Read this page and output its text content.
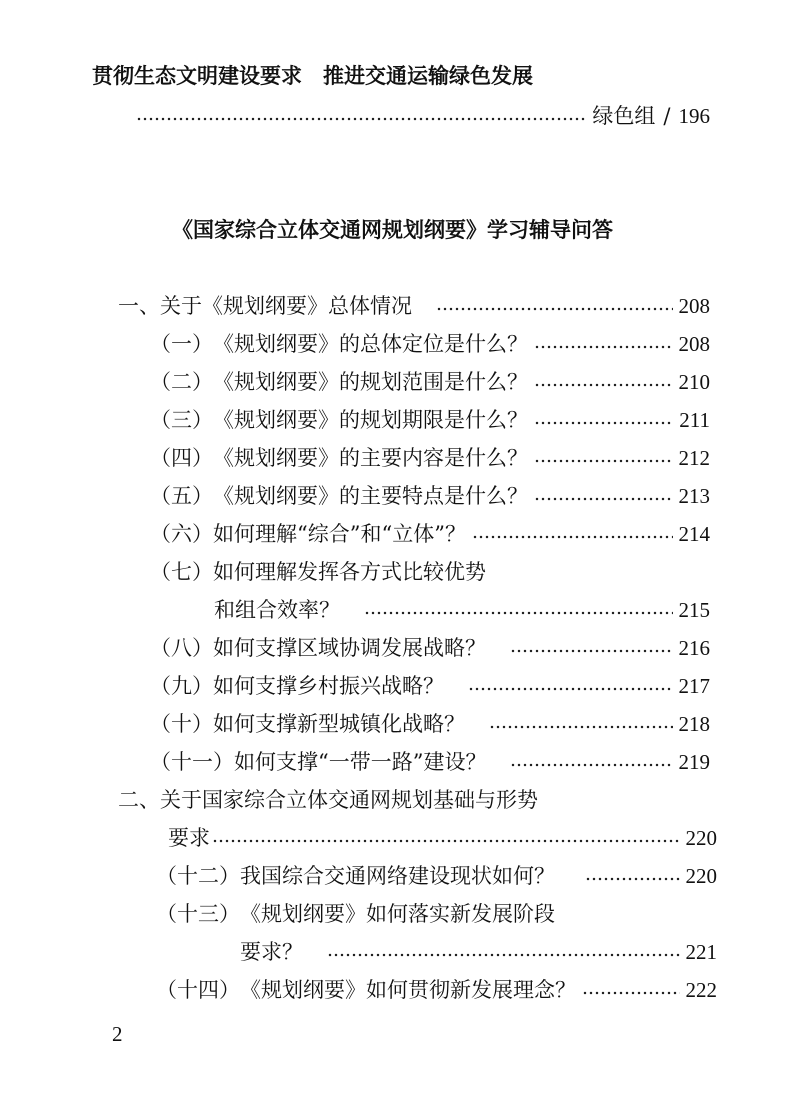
贯彻生态文明建设要求　推进交通运输绿色发展
绿色组 / 196
《国家综合立体交通网规划纲要》学习辅导问答
一、 关于《规划纲要》总体情况	208
（一） 《规划纲要》的总体定位是什么？	208
（二） 《规划纲要》的规划范围是什么？	210
（三） 《规划纲要》的规划期限是什么？	211
（四） 《规划纲要》的主要内容是什么？	212
（五） 《规划纲要》的主要特点是什么？	213
（六） 如何理解“综合”和“立体”？	214
（七） 如何理解发挥各方式比较优势
和组合效率？	215
（八） 如何支撑区域协调发展战略？	216
（九） 如何支撑乡村振兴战略？	217
（十） 如何支撑新型城镇化战略？	218
（十一） 如何支撑“一带一路”建设？	219
二、 关于国家综合立体交通网规划基础与形势
要求	220
（十二） 我国综合交通网络建设现状如何？	220
（十三） 《规划纲要》如何落实新发展阶段
要求？	221
（十四） 《规划纲要》如何贯彻新发展理念？	222
2
